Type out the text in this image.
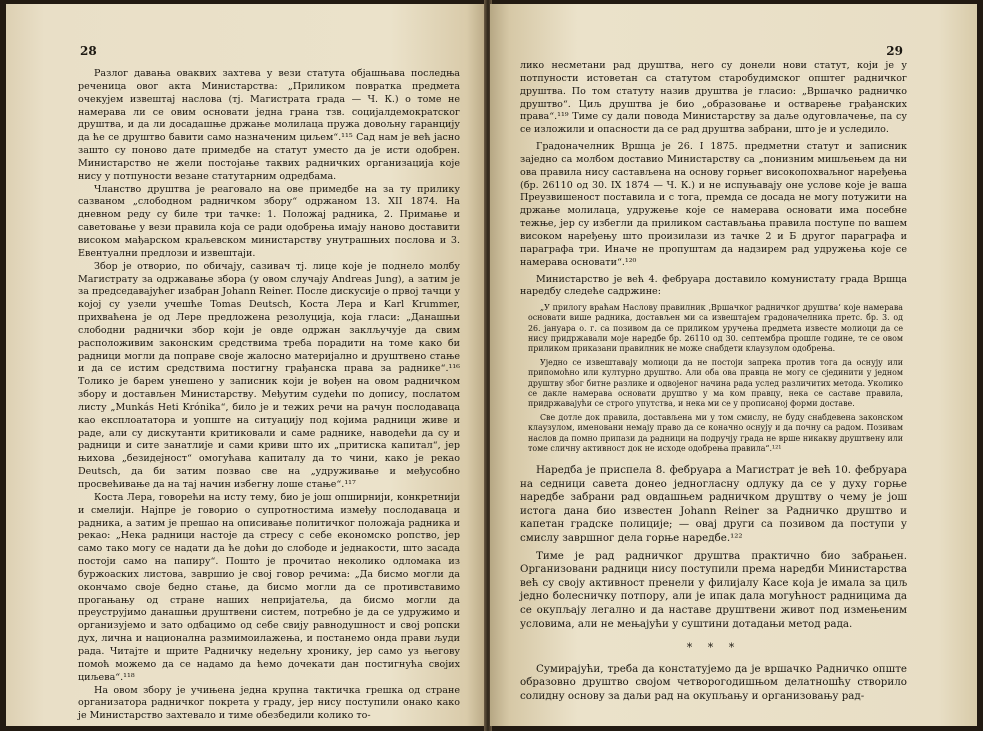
28

Разлог давања оваквих захтева у вези статута објашњава последња реченица овог акта Министарства: „Приликом повратка предмета очекујем извештај наслова (тј. Магистрата града — Ч. К.) о томе не намерава ли се овим основати једна грана тзв. социјалдемократског друштва, и да ли досадашње држање молилаца пружа довољну гаранцију да ће се друштво бавити само назначеним циљем“.¹¹⁵ Сад нам је већ јасно зашто су поново дате примедбе на статут уместо да је исти одобрен. Министарство не жели постојање таквих радничких организација које нису у потпуности везане статутарним одредбама.

Чланство друштва је реаговало на ове примедбе на за ту прилику сазваном „слободном радничком збору“ одржаном 13. XII 1874. На дневном реду су биле три тачке: 1. Положај радника, 2. Примање и саветовање у вези правила која се ради одобрења имају наново доставити високом мађарском краљевском министарству унутрашњих послова и 3. Евентуални предлози и извештаји.

Збор је отворио, по обичају, сазивач тј. лице које је поднело молбу Магистрату за одржавање збора (у овом случају Andreas Jung), а затим је за председавајућег изабран Johann Reiner. После дискусије о првој тачци у којој су узели учешће Tomas Deutsch, Коста Лера и Karl Krummer, прихваћена је од Лере предложена резолуција, која гласи: „Данашњи слободни раднички збор који је овде одржан заклључује да свим расположивим законским средствима треба порадити на томе како би радници могли да поправе своје жалосно материјално и друштвено стање и да се истим средствима постигну грађанска права за раднике“.¹¹⁶ Толико је барем унешено у записник који је вођен на овом радничком збору и достављен Министарству. Међутим судећи по допису, послатом листу „Munkás Heti Krónika“, било је и тежих речи на рачун послодаваца као експлоататора и уопште на ситуацију под којима радници живе и раде, али су дискутанти критиковали и саме раднике, наводећи да су и радници и сите занатлије и сами криви што их „притиска капитал“, јер њихова „безидејност“ омогућава капиталу да то чини, како је рекао Deutsch, да би затим позвао све на „удруживање и међусобно просвећивање да на тај начин избегну лоше стање“.¹¹⁷

Коста Лера, говорећи на исту тему, био је још опширнији, конкретнији и смелији. Најпре је говорио о супротностима између послодаваца и радника, а затим је прешао на описивање политичког положаја радника и рекао: „Нека радници настоје да стресу с себе економско ропство, јер само тако могу се надати да ће доћи до слободе и једнакости, што засада постоји само на папиру“. Пошто је прочитао неколико одломака из буржоаских листова, завршио је свој говор речима: „Да бисмо могли да окончамо своје бедно стање, да бисмо могли да се противставимо прогањању од стране наших непријатеља, да бисмо могли да преуструјимо данашњи друштвени систем, потребно је да се удружимо и организујемо и зато одбацимо од себе свију равнодушност и свој ропски дух, лична и национална размимоилажења, и постанемо онда прави људи рада. Читајте и шрите Радничку недељну хронику, јер само уз његову помоћ можемо да се надамо да ћемо дочекати дан постигнућа својих циљева“.¹¹⁸

На овом збору је учињена једна крупна тактичка грешка од стране организатора радничког покрета у граду, јер нису поступили онако како је Министарство захтевало и тиме обезбедили колико то-

29

лико несметани рад друштва, него су донели нови статут, који је у потпуности истоветан са статутом старобудимског општег радничког друштва. По том статуту назив друштва је гласио: „Вршачко радничко друштво“. Циљ друштва је био „образовање и остварење грађанских права“.¹¹⁹ Тиме су дали повода Министарству за даље одуговлачење, па су се изложили и опасности да се рад друштва забрани, што је и уследило.

Градоначелник Вршца је 26. I 1875. предметни статут и записник заједно са молбом доставио Министарству са „понизним мишљењем да ни ова правила нису састављена на основу горњег високопохваљног наређења (бр. 26110 од 30. IX 1874 — Ч. К.) и не испуњавају оне услове које је ваша Преузвишеност поставила и с тога, премда се досада не могу потужити на држање молилаца, удружење које се намерава основати има посебне тежње, јер су избегли да приликом састављања правила поступе по вашем високом наређењу што произилази из тачке 2 и Б другог параграфа и параграфа три. Иначе не пропуштам да надзирем рад удружења које се намерава основати“.¹²⁰

Министарство је већ 4. фебруара доставило комунистату града Вршца наредбу следеће садржине:

„У прилогу враћам Наслову правилник ‚Вршачког радничког друштва‘ које намерава основати више радника, достављен ми са извештајем градоначелника претс. бр. 3. од 26. јануара о. г. са позивом да се приликом уручења предмета известе молиоци да се нису придржавали моје наредбе бр. 26110 од 30. септембра прошле године, те се овом приликом приказани правилник не може снабдети клаузулом одобрења.

Уједно се извештавају молиоци да не постоји запрека против тога да оснују или припомоћно или културно друштво. Али оба ова правца не могу се сјединити у једном друштву због битне разлике и одвојеног начина рада услед различитих метода. Уколико се дакле намерава основати друштво у ма ком правцу, нека се саставе правила, придржавајући се строго упутства, и нека ми се у прописаној форми доставе.

Све дотле док правила, достављена ми у том смислу, не буду снабдевена законском клаузулом, именовани немају право да се коначно оснују и да почну са радом. Позивам наслов да помно припази да радници на подручју града не врше никакву друштвену или томе сличну активност док не исходе одобрења правила“.¹²¹

Наредба је приспела 8. фебруара а Магистрат је већ 10. фебруара на седници савета донео једногласну одлуку да се у духу горње наредбе забрани рад овдашњем радничком друштву о чему је још истога дана био известен Johann Reiner за Радничко друштво и капетан градске полиције; — овај други са позивом да поступи у смислу завршног дела горње наредбе.¹²²

Тиме је рад радничког друштва практично био забрањен. Организовани радници нису поступили према наредби Министарства већ су своју активност пренели у филијалу Касе која је имала за циљ једно болесничку потпору, али је ипак дала могућност радницима да се окупљају легално и да наставе друштвени живот под измењеним условима, али не мењајући у суштини дотадањи метод рада.

* * *

Сумирајући, треба да констатујемо да је вршачко Радничко опште образовно друштво својом четворогодишњом делатношћу створило солидну основу за даљи рад на окупљању и организовању рад-
